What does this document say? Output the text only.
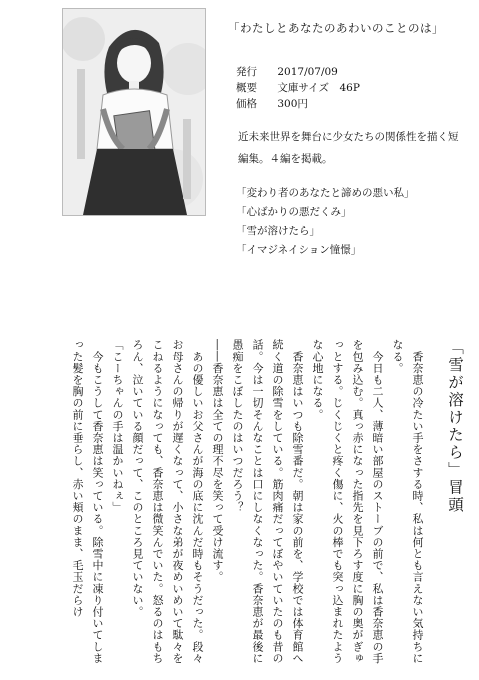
「わたしとあなたのあわいのことのは」
発行 2017/07/09
概要 文庫サイズ　46P
価格 300円
近未来世界を舞台に少女たちの関係性を描く短編集。４編を掲載。
「変わり者のあなたと諦めの悪い私」
「心ばかりの悪だくみ」
「雪が溶けたら」
「イマジネイション憧憬」
「雪が溶けたら」冒頭

　香奈恵の冷たい手をさする時、私は何とも言えない気持ちになる。

　今日も二人、薄暗い部屋のストーブの前で、私は香奈恵の手を包み込む。真っ赤になった指先を見下ろす度に胸の奥がぎゅっとする。じくじくと疼く傷に、火の棒でも突っ込まれたような心地になる。

　香奈恵はいつも除雪番だ。朝は家の前を、学校では体育館へ続く道の除雪をしている。筋肉痛だってぼやいていたのも昔の話。今は一切そんなことは口にしなくなった。香奈恵が最後に愚痴をこぼしたのはいつだろう？

――香奈恵は全ての理不尽を笑って受け流す。

　あの優しいお父さんが海の底に沈んだ時もそうだった。段々お母さんの帰りが遅くなって、小さな弟が夜めいめいて駄々をこねるようになっても、香奈恵は微笑んでいた。怒るのはもちろん、泣いている顔だって、このところ見ていない。

「こーちゃんの手は温かいねぇ」

　今もこうして香奈恵は笑っている。除雪中に凍り付いてしまった髪を胸の前に垂らし、赤い頬のまま、毛玉だらけ
